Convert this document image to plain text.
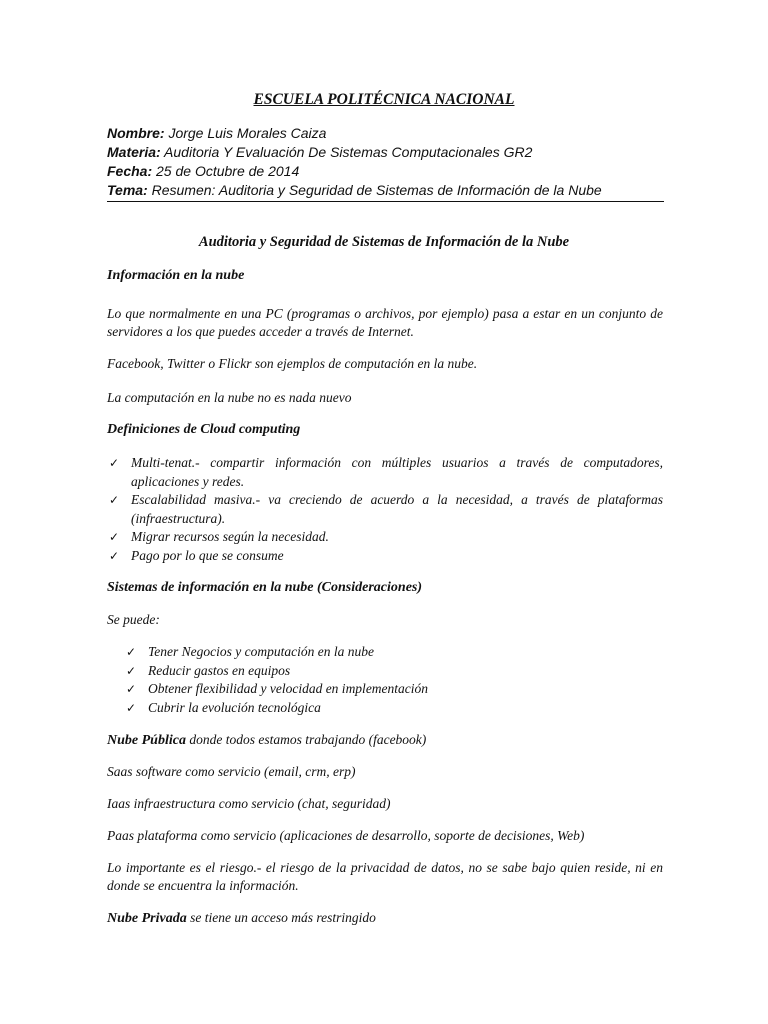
ESCUELA POLITÉCNICA NACIONAL
Nombre: Jorge Luis Morales Caiza
Materia: Auditoria Y Evaluación De Sistemas Computacionales GR2
Fecha: 25 de Octubre de 2014
Tema: Resumen: Auditoria y Seguridad de Sistemas de Información de la Nube
Auditoria y Seguridad de Sistemas de Información de la Nube
Información en la nube
Lo que normalmente en una PC (programas o archivos, por ejemplo) pasa a estar en un conjunto de servidores a los que puedes acceder a través de Internet.
Facebook, Twitter o Flickr son ejemplos de computación en la nube.
La computación en la nube no es nada nuevo
Definiciones de Cloud computing
✓ Multi-tenat.- compartir información con múltiples usuarios a través de computadores, aplicaciones y redes.
✓ Escalabilidad masiva.- va creciendo de acuerdo a la necesidad, a través de plataformas (infraestructura).
✓ Migrar recursos según la necesidad.
✓ Pago por lo que se consume
Sistemas de información en la nube (Consideraciones)
Se puede:
✓ Tener Negocios y computación en la nube
✓ Reducir gastos en equipos
✓ Obtener flexibilidad y velocidad en implementación
✓ Cubrir la evolución tecnológica
Nube Pública donde todos estamos trabajando (facebook)
Saas software como servicio (email, crm, erp)
Iaas infraestructura como servicio (chat, seguridad)
Paas plataforma como servicio (aplicaciones de desarrollo, soporte de decisiones, Web)
Lo importante es el riesgo.- el riesgo de la privacidad de datos, no se sabe bajo quien reside, ni en donde se encuentra la información.
Nube Privada se tiene un acceso más restringido
